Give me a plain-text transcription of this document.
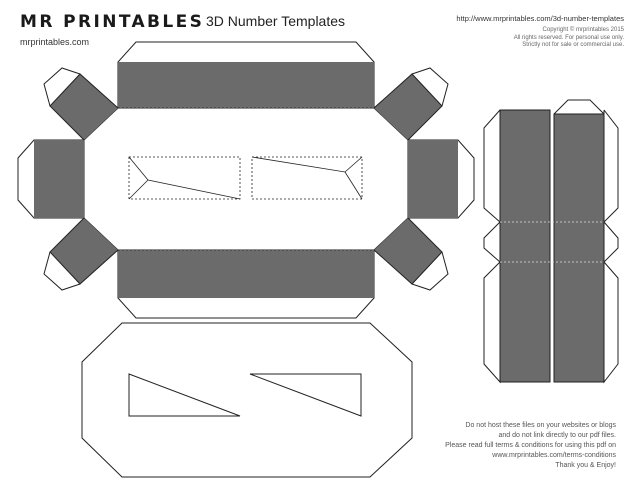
MR PRINTABLES
mrprintables.com
3D Number Templates	http://www.mrprintables.com/3d-number-templates
Copyright © mrprintables 2015
All rights reserved. For personal use only.
Strictly not for sale or commercial use.
Do not host these files on your websites or blogs
and do not link directly to our pdf files.
Please read full terms & conditions for using this pdf on
www.mrprintables.com/terms-conditions
Thank you & Enjoy!
